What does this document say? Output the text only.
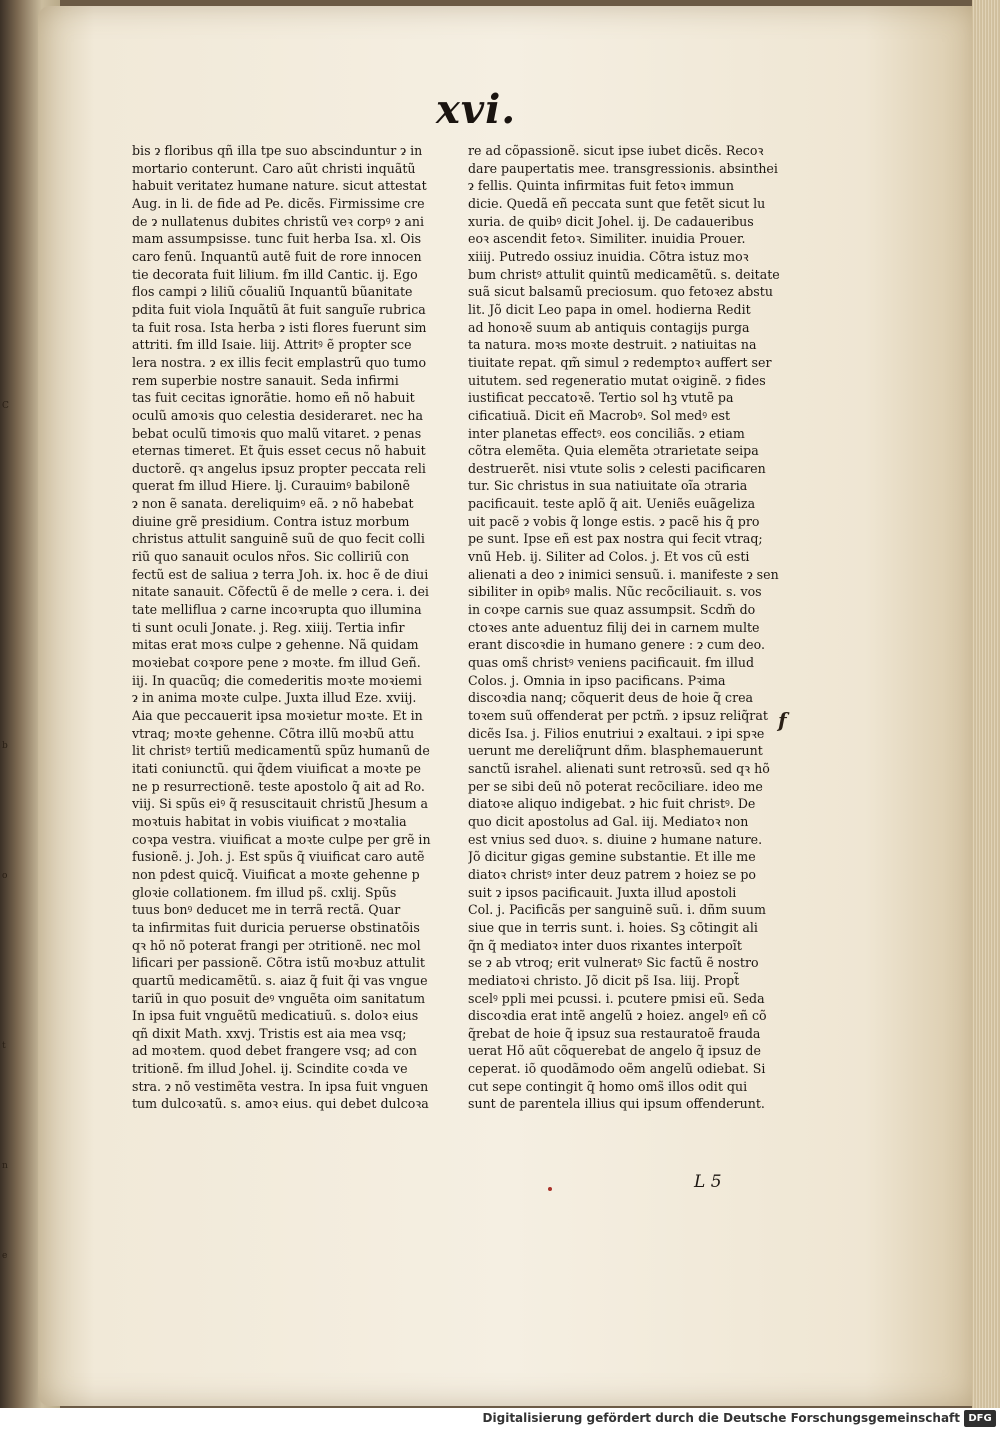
C
b
o
t
n
e
xvi.
bis ɂ floribus qñ illa tpe suo abscinduntur ɂ in
mortario conterunt. Caro aũt christi inquãtũ
habuit veritatez humane nature. sicut attestat
Aug. in li. de fide ad Pe. dicẽs. Firmissime cre
de ɂ nullatenus dubites christũ veꝛ corpꝰ ɂ ani
mam assumpsisse. tunc fuit herba Isa. xl. Ois
caro fenũ. Inquantũ autẽ fuit de rore innocen
tie decorata fuit lilium. ẜm illd Cantic. ij. Ego
flos campi ɂ liliũ cõualiũ Inquantũ bũanitate
pdita fuit viola Inquãtũ ãt fuit sanguĩe rubrica
ta fuit rosa. Ista herba ɂ isti flores fuerunt sim
attriti. ẜm illd Isaie. liij. Attritꝰ ẽ propter sce
lera nostra. ɂ ex illis fecit emplastrũ quo tumo
rem superbie nostre sanauit. Seda infirmi
tas fuit cecitas ignorãtie. homo eñ nõ habuit
oculũ amoꝛis quo celestia desideraret. nec ha
bebat oculũ timoꝛis quo malũ vitaret. ɂ penas
eternas timeret. Et q̃uis esset cecus nõ habuit
ductorẽ. qꝛ angelus ipsuz propter peccata reli
querat ẜm illud Hiere. lj. Curauimꝰ babilonẽ
ɂ non ẽ sanata. dereliquimꝰ eã. ɂ nõ habebat
diuine grẽ presidium. Contra istuz morbum
christus attulit sanguinẽ suũ de quo fecit colli
riũ quo sanauit oculos nr̃os. Sic colliriũ con
fectũ est de saliua ɂ terra Joh. ix. hoc ẽ de diui
nitate sanauit. Cõfectũ ẽ de melle ɂ cera. i. dei
tate melliflua ɂ carne incoꝛrupta quo illumina
ti sunt oculi Jonate. j. Reg. xiiij. Tertia infir
mitas erat moꝛs culpe ɂ gehenne. Nã quidam
moꝛiebat coꝛpore pene ɂ moꝛte. ẜm illud Geñ.
iij. In quacũq; die comederitis moꝛte moꝛiemi
ɂ in anima moꝛte culpe. Juxta illud Eze. xviij.
Aia que peccauerit ipsa moꝛietur moꝛte. Et in
vtraq; moꝛte gehenne. Cõtra illũ moꝛbũ attu
lit christꝰ tertiũ medicamentũ spũz humanũ de
itati coniunctũ. qui q̃dem viuificat a moꝛte pe
ne p resurrectionẽ. teste apostolo q̃ ait ad Ro.
viij. Si spũs eiꝰ q̃ resuscitauit christũ Jhesum a
moꝛtuis habitat in vobis viuificat ɂ moꝛtalia
coꝛpa vestra. viuificat a moꝛte culpe per grẽ in
fusionẽ. j. Joh. j. Est spũs q̃ viuificat caro autẽ
non pdest quicq̃. Viuificat a moꝛte gehenne p
gloꝛie collationem. ẜm illud ps̃. cxlij. Spũs
tuus bonꝰ deducet me in terrã rectã. Quar
ta infirmitas fuit duricia peruerse obstinatõis
qꝛ hõ nõ poterat frangi per ɔtritionẽ. nec mol
lificari per passionẽ. Cõtra istũ moꝛbuz attulit
quartũ medicamẽtũ. s. aiaz q̃ fuit q̃i vas vngue
tariũ in quo posuit deꝰ vnguẽta oim sanitatum
In ipsa fuit vnguẽtũ medicatiuũ. s. doloꝛ eius
qñ dixit Math. xxvj. Tristis est aia mea vsq;
ad moꝛtem. quod debet frangere vsq; ad con
tritionẽ. ẜm illud Johel. ij. Scindite coꝛda ve
stra. ɂ nõ vestimẽta vestra. In ipsa fuit vnguen
tum dulcoꝛatũ. s. amoꝛ eius. qui debet dulcoꝛa
re ad cõpassionẽ. sicut ipse iubet dicẽs. Recoꝛ
dare paupertatis mee. transgressionis. absinthei
ɂ fellis. Quinta infirmitas fuit fetoꝛ immun
dicie. Quedã eñ peccata sunt que fetẽt sicut lu
xuria. de quibꝰ dicit Johel. ij. De cadaueribus
eoꝛ ascendit fetoꝛ. Similiter. inuidia Prouer.
xiiij. Putredo ossiuz inuidia. Cõtra istuz moꝛ
bum christꝰ attulit quintũ medicamẽtũ. s. deitate
suã sicut balsamũ preciosum. quo fetoꝛez abstu
lit. Jõ dicit Leo papa in omel. hodierna Redit
ad honoꝛẽ suum ab antiquis contagijs purga
ta natura. moꝛs moꝛte destruit. ɂ natiuitas na
tiuitate repat. qm̃ simul ɂ redemptoꝛ auffert ser
uitutem. sed regeneratio mutat oꝛiginẽ. ɂ fides
iustificat peccatoꝛẽ. Tertio sol hꝫ vtutẽ pa
cificatiuã. Dicit eñ Macrobꝰ. Sol medꝰ est
inter planetas effectꝰ. eos conciliãs. ɂ etiam
cõtra elemẽta. Quia elemẽta ɔtrarietate seipa
destruerẽt. nisi vtute solis ɂ celesti pacificaren
tur. Sic christus in sua natiuitate oĩa ɔtraria
pacificauit. teste aplõ q̃ ait. Ueniẽs euãgeliza
uit pacẽ ɂ vobis q̃ longe estis. ɂ pacẽ his q̃ pro
pe sunt. Ipse eñ est pax nostra qui fecit vtraq;
vnũ Heb. ij. Siliter ad Colos. j. Et vos cũ esti
alienati a deo ɂ inimici sensuũ. i. manifeste ɂ sen
sibiliter in opibꝰ malis. Nũc recõciliauit. s. vos
in coꝛpe carnis sue quaz assumpsit. Scdm̃ do
ctoꝛes ante aduentuz filij dei in carnem multe
erant discoꝛdie in humano genere : ɂ cum deo.
quas oms̃ christꝰ veniens pacificauit. ẜm illud
Colos. j. Omnia in ipso pacificans. Pꝛima
discoꝛdia nanq; cõquerit deus de hoie q̃ crea
toꝛem suũ offenderat per pctm̃. ɂ ipsuz reliq̃rat
dicẽs Isa. j. Filios enutriui ɂ exaltaui. ɂ ipi spꝛe
uerunt me dereliq̃runt dñm. blasphemauerunt
sanctũ israhel. alienati sunt retroꝛsũ. sed qꝛ hõ
per se sibi deũ nõ poterat recõciliare. ideo me
diatoꝛe aliquo indigebat. ɂ hic fuit christꝰ. De
quo dicit apostolus ad Gal. iij. Mediatoꝛ non
est vnius sed duoꝛ. s. diuine ɂ humane nature.
Jõ dicitur gigas gemine substantie. Et ille me
diatoꝛ christꝰ inter deuz patrem ɂ hoiez se po
suit ɂ ipsos pacificauit. Juxta illud apostoli
Col. j. Pacificãs per sanguinẽ suũ. i. dñm suum
siue que in terris sunt. i. hoies. Sꝫ cõtingit ali
q̃n q̃ mediatoꝛ inter duos rixantes interpoĩt
se ɂ ab vtroq; erit vulneratꝰ Sic factũ ẽ nostro
mediatoꝛi christo. Jõ dicit ps̃ Isa. liij. Propt̃
scelꝰ ppli mei pcussi. i. pcutere pmisi eũ. Seda
discoꝛdia erat intẽ angelũ ɂ hoiez. angelꝰ eñ cõ
q̃rebat de hoie q̃ ipsuz sua restauratoẽ frauda
uerat Hõ aũt cõquerebat de angelo q̃ ipsuz de
ceperat. iõ quodãmodo oẽm angelũ odiebat. Si
cut sepe contingit q̃ homo oms̃ illos odit qui
sunt de parentela illius qui ipsum offenderunt.
f
L 5
Digitalisierung gefördert durch die Deutsche Forschungsgemeinschaft DFG
